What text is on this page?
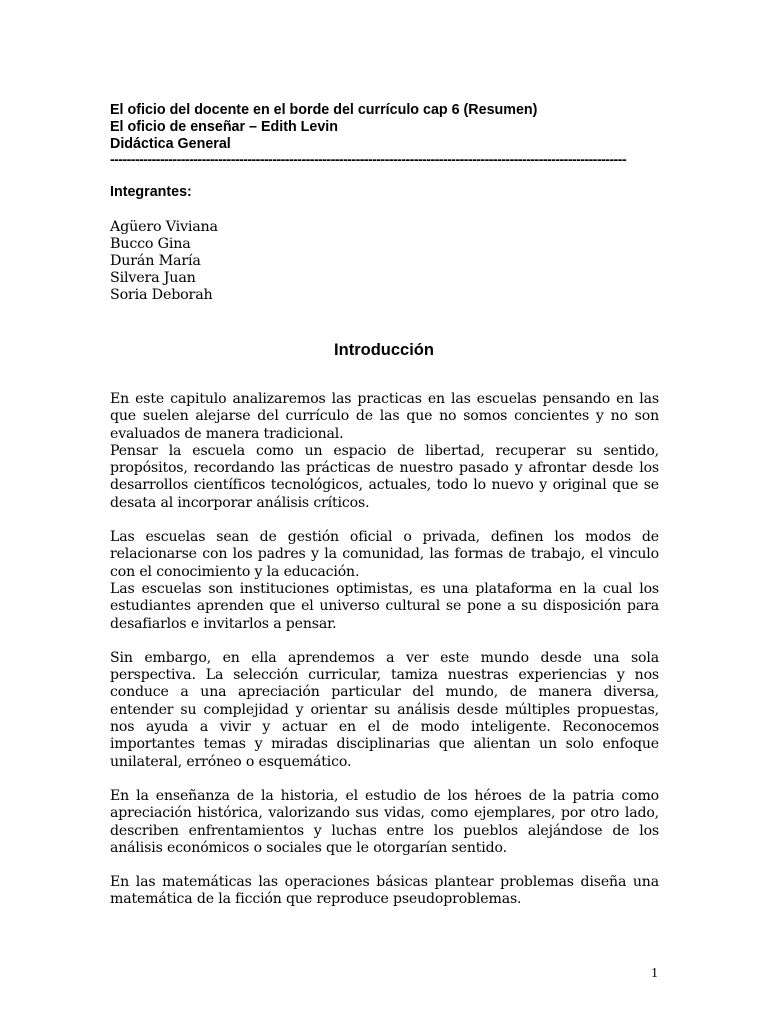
El oficio del docente en el borde del currículo cap 6 (Resumen)
El oficio de enseñar – Edith Levin
Didáctica General
----------------------------------------------------------------------------------------------------------------------------
Integrantes:
Agüero Viviana
Bucco Gina
Durán María
Silvera Juan
Soria Deborah
Introducción

En este capitulo analizaremos las practicas en las escuelas pensando en las que suelen alejarse del currículo de las que no somos concientes y no son evaluados de manera tradicional.

Pensar la escuela como un espacio de libertad, recuperar su sentido, propósitos, recordando las prácticas de nuestro pasado y afrontar desde los desarrollos científicos tecnológicos, actuales, todo lo nuevo y original que se desata al incorporar análisis críticos.

Las escuelas sean de gestión oficial o privada, definen los modos de relacionarse con los padres y la comunidad, las formas de trabajo, el vinculo con el conocimiento y la educación.

Las escuelas son instituciones optimistas, es una plataforma en la cual los estudiantes aprenden que el universo cultural se pone a su disposición para desafiarlos e invitarlos a pensar.

Sin embargo, en ella aprendemos a ver este mundo desde una sola perspectiva. La selección curricular, tamiza nuestras experiencias y nos conduce a una apreciación particular del mundo, de manera diversa, entender su complejidad y orientar su análisis desde múltiples propuestas, nos ayuda a vivir y actuar en el de modo inteligente. Reconocemos importantes temas y miradas disciplinarias que alientan un solo enfoque unilateral, erróneo o esquemático.

En la enseñanza de la historia, el estudio de los héroes de la patria como apreciación histórica, valorizando sus vidas, como ejemplares, por otro lado, describen enfrentamientos y luchas entre los pueblos alejándose de los análisis económicos o sociales que le otorgarían sentido.

En las matemáticas las operaciones básicas plantear problemas diseña una matemática de la ficción que reproduce pseudoproblemas.

1
